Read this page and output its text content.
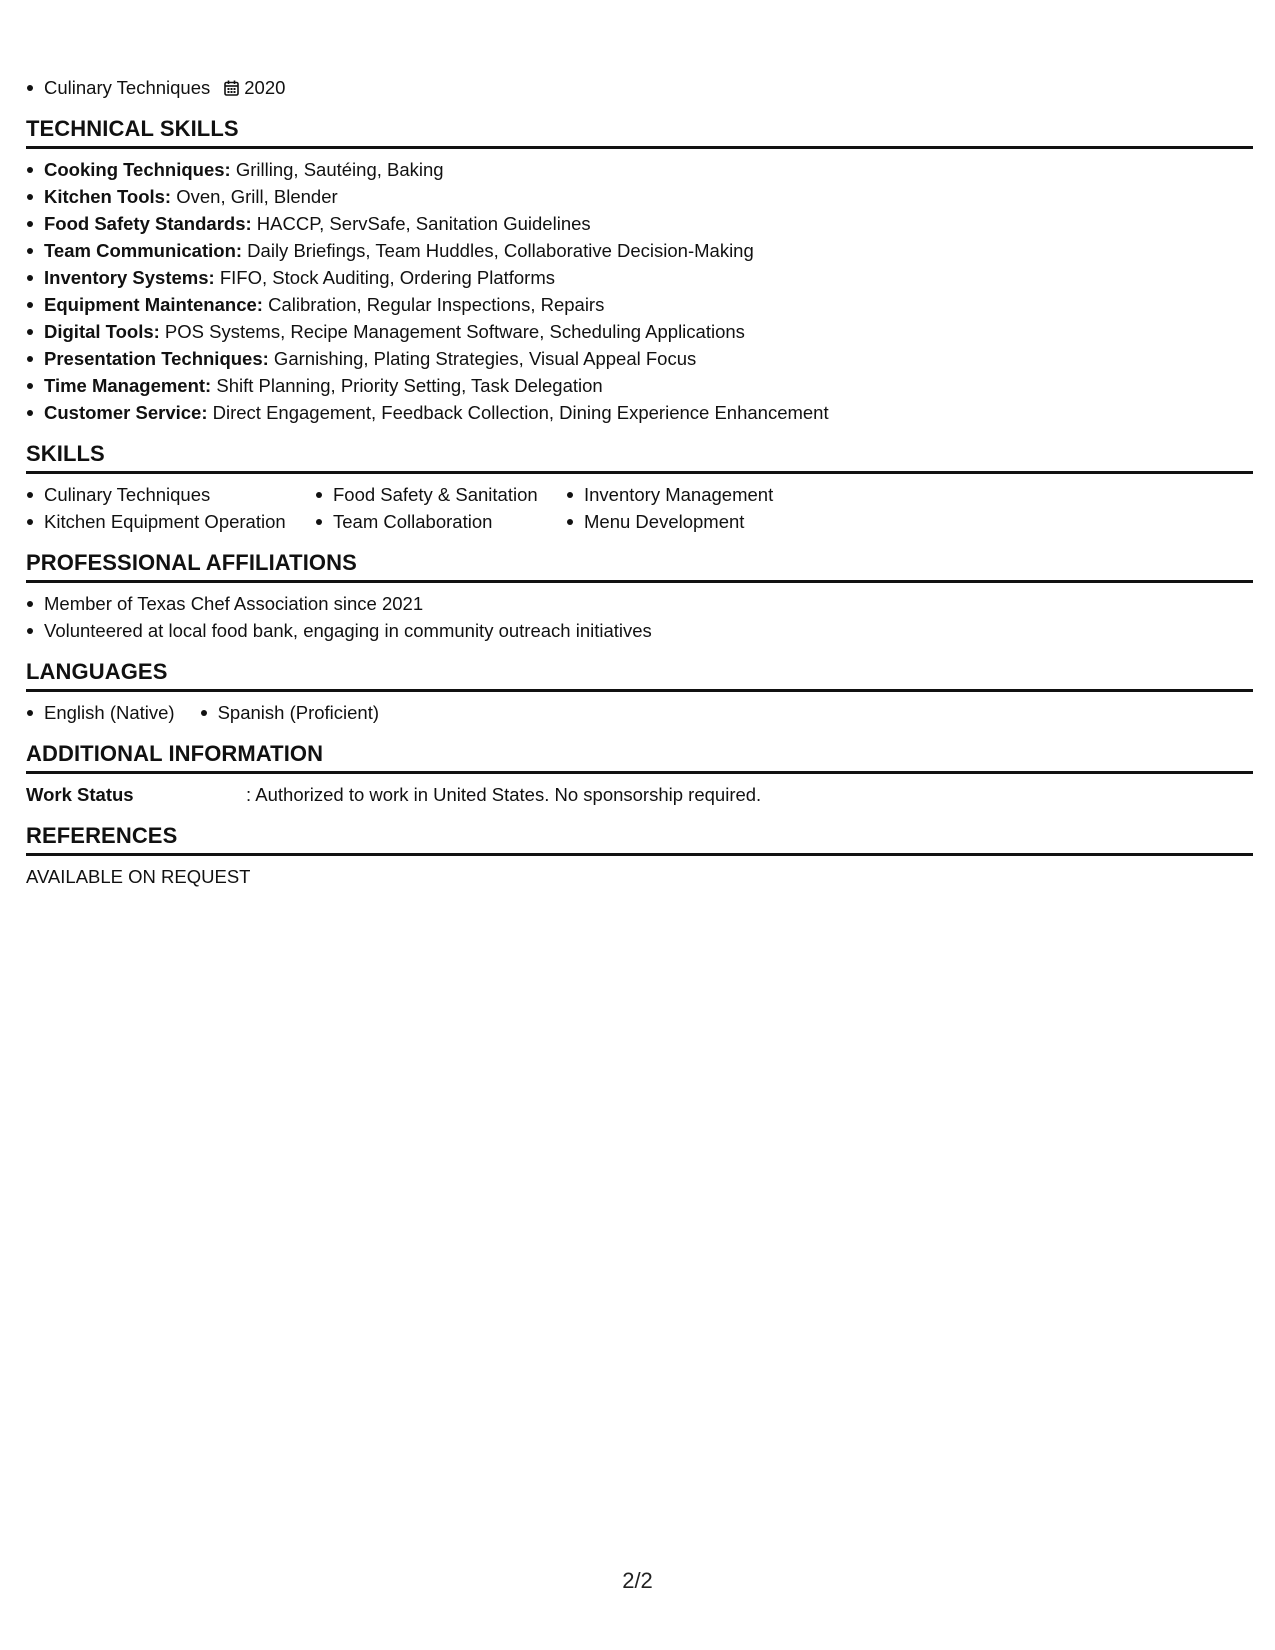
Culinary Techniques 2020
TECHNICAL SKILLS
Cooking Techniques: Grilling, Sautéing, Baking
Kitchen Tools: Oven, Grill, Blender
Food Safety Standards: HACCP, ServSafe, Sanitation Guidelines
Team Communication: Daily Briefings, Team Huddles, Collaborative Decision-Making
Inventory Systems: FIFO, Stock Auditing, Ordering Platforms
Equipment Maintenance: Calibration, Regular Inspections, Repairs
Digital Tools: POS Systems, Recipe Management Software, Scheduling Applications
Presentation Techniques: Garnishing, Plating Strategies, Visual Appeal Focus
Time Management: Shift Planning, Priority Setting, Task Delegation
Customer Service: Direct Engagement, Feedback Collection, Dining Experience Enhancement
SKILLS
Culinary Techniques	Food Safety & Sanitation	Inventory Management
Kitchen Equipment Operation	Team Collaboration	Menu Development
PROFESSIONAL AFFILIATIONS
Member of Texas Chef Association since 2021
Volunteered at local food bank, engaging in community outreach initiatives
LANGUAGES
English (Native)	Spanish (Proficient)
ADDITIONAL INFORMATION
Work Status	: Authorized to work in United States. No sponsorship required.
REFERENCES
AVAILABLE ON REQUEST
2/2
